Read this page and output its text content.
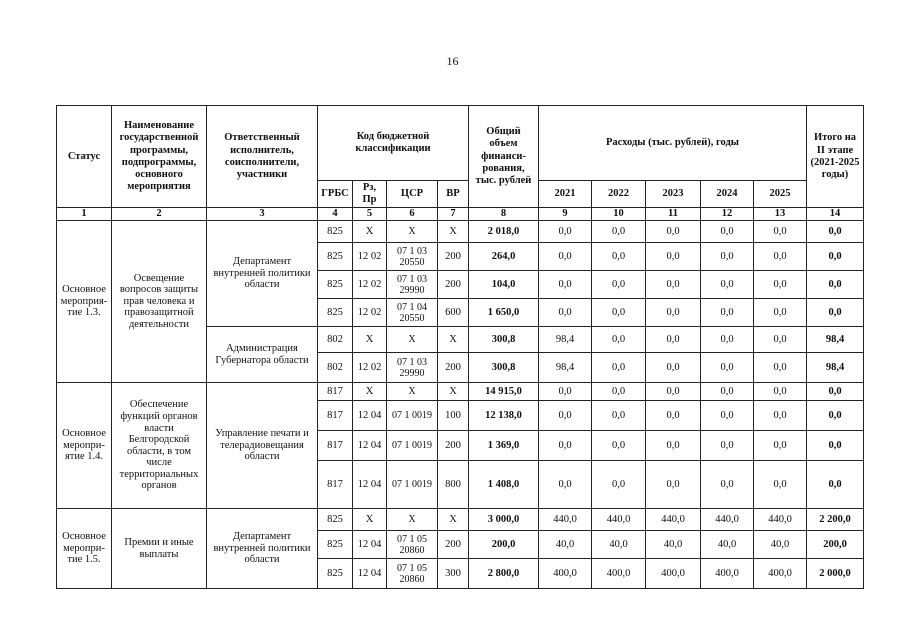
16
Статус	Наименование государственной программы, подпрограммы, основного мероприятия	Ответственный исполнитель, соисполнители, участники	Код бюджетной классификации				Общий объем финанси-рования, тыс. рублей	Расходы (тыс. рублей), годы					Итого на II этапе (2021-2025 годы)
			ГРБС	Рз, Пр	ЦСР	ВР		2021	2022	2023	2024	2025	
1	2	3	4	5	6	7	8	9	10	11	12	13	14
Основное мероприя-тие 1.3.	Освещение вопросов защиты прав человека и правозащитной деятельности	Департамент внутренней политики области	825	Х	Х	Х	2 018,0	0,0	0,0	0,0	0,0	0,0	0,0
			825	12 02	07 1 03 20550	200	264,0	0,0	0,0	0,0	0,0	0,0	0,0
			825	12 02	07 1 03 29990	200	104,0	0,0	0,0	0,0	0,0	0,0	0,0
			825	12 02	07 1 04 20550	600	1 650,0	0,0	0,0	0,0	0,0	0,0	0,0
		Администрация Губернатора области	802	Х	Х	Х	300,8	98,4	0,0	0,0	0,0	0,0	98,4
			802	12 02	07 1 03 29990	200	300,8	98,4	0,0	0,0	0,0	0,0	98,4
Основное меропри-ятие 1.4.	Обеспечение функций органов власти Белгородской области, в том числе территориальных органов	Управление печати и телерадиовещания области	817	Х	Х	Х	14 915,0	0,0	0,0	0,0	0,0	0,0	0,0
			817	12 04	07 1 0019	100	12 138,0	0,0	0,0	0,0	0,0	0,0	0,0
			817	12 04	07 1 0019	200	1 369,0	0,0	0,0	0,0	0,0	0,0	0,0
			817	12 04	07 1 0019	800	1 408,0	0,0	0,0	0,0	0,0	0,0	0,0
Основное меропри-тие 1.5.	Премии и иные выплаты	Департамент внутренней политики области	825	Х	Х	Х	3 000,0	440,0	440,0	440,0	440,0	440,0	2 200,0
			825	12 04	07 1 05 20860	200	200,0	40,0	40,0	40,0	40,0	40,0	200,0
			825	12 04	07 1 05 20860	300	2 800,0	400,0	400,0	400,0	400,0	400,0	2 000,0
